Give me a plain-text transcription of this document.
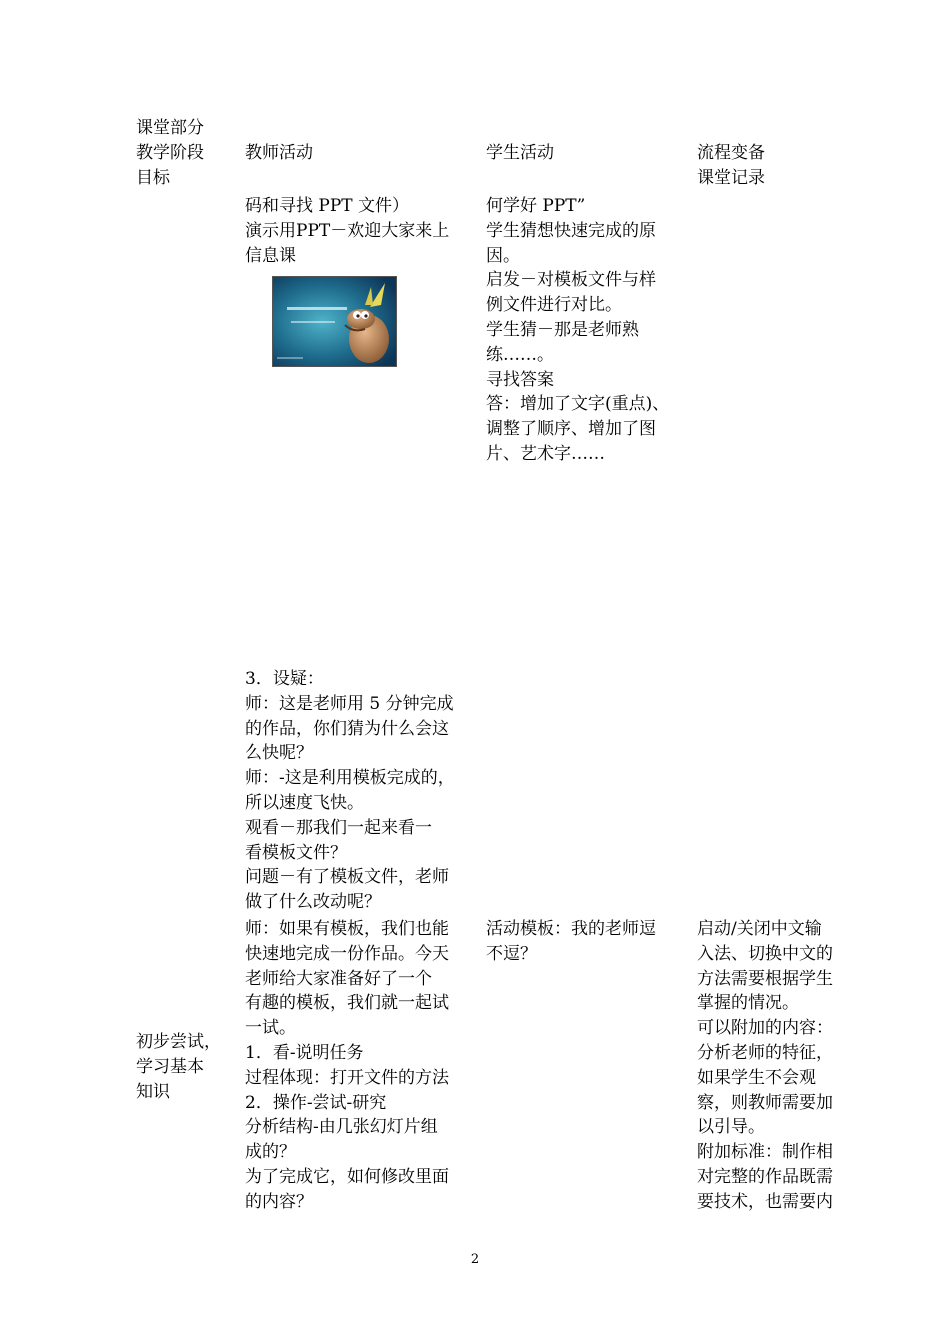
课堂部分
教学阶段
目标
教师活动	学生活动	流程变备
课堂记录
码和寻找 PPT 文件）
演示用PPT－欢迎大家来上
信息课
何学好 PPT”
学生猜想快速完成的原
因。
启发－对模板文件与样
例文件进行对比。
学生猜－那是老师熟
练……。
寻找答案
答：增加了文字(重点)、
调整了顺序、增加了图
片、艺术字……
3．设疑：
师：这是老师用 5 分钟完成
的作品，你们猜为什么会这
么快呢？
师：-这是利用模板完成的，
所以速度飞快。
观看－那我们一起来看一
看模板文件？
问题－有了模板文件，老师
做了什么改动呢？
初步尝试，
学习基本
知识
师：如果有模板，我们也能
快速地完成一份作品。今天
老师给大家准备好了一个
有趣的模板，我们就一起试
一试。
1．看-说明任务
过程体现：打开文件的方法
2．操作-尝试-研究
分析结构-由几张幻灯片组
成的？
为了完成它，如何修改里面
的内容？
活动模板：我的老师逗
不逗？
启动/关闭中文输
入法、切换中文的
方法需要根据学生
掌握的情况。
可以附加的内容：
分析老师的特征，
如果学生不会观
察，则教师需要加
以引导。
附加标准：制作相
对完整的作品既需
要技术，也需要内
2
